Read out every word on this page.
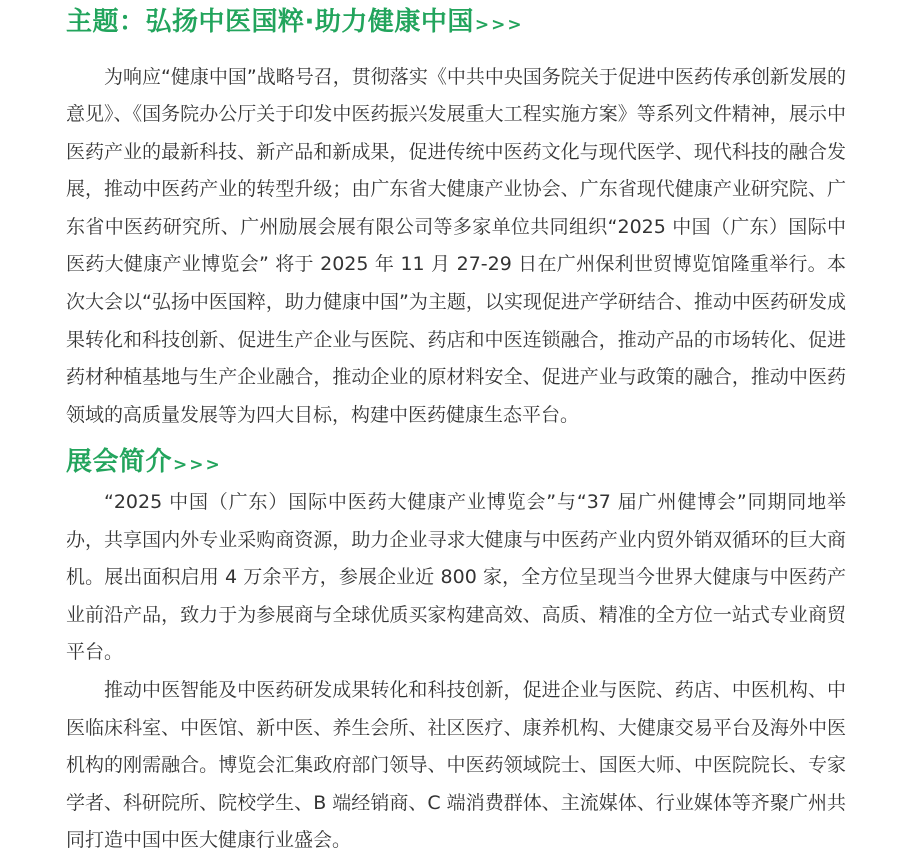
主题：弘扬中医国粹·助力健康中国>>>

为响应“健康中国”战略号召，贯彻落实《中共中央国务院关于促进中医药传承创新发展的意见》、《国务院办公厅关于印发中医药振兴发展重大工程实施方案》等系列文件精神，展示中医药产业的最新科技、新产品和新成果，促进传统中医药文化与现代医学、现代科技的融合发展，推动中医药产业的转型升级；由广东省大健康产业协会、广东省现代健康产业研究院、广东省中医药研究所、广州励展会展有限公司等多家单位共同组织“2025 中国（广东）国际中医药大健康产业博览会” 将于 2025 年 11 月 27-29 日在广州保利世贸博览馆隆重举行。本次大会以“弘扬中医国粹，助力健康中国”为主题，以实现促进产学研结合、推动中医药研发成果转化和科技创新、促进生产企业与医院、药店和中医连锁融合，推动产品的市场转化、促进药材种植基地与生产企业融合，推动企业的原材料安全、促进产业与政策的融合，推动中医药领域的高质量发展等为四大目标，构建中医药健康生态平台。

展会简介>>>

“2025 中国（广东）国际中医药大健康产业博览会”与“37 届广州健博会”同期同地举办，共享国内外专业采购商资源，助力企业寻求大健康与中医药产业内贸外销双循环的巨大商机。展出面积启用 4 万余平方，参展企业近 800 家，全方位呈现当今世界大健康与中医药产业前沿产品，致力于为参展商与全球优质买家构建高效、高质、精准的全方位一站式专业商贸平台。

推动中医智能及中医药研发成果转化和科技创新，促进企业与医院、药店、中医机构、中医临床科室、中医馆、新中医、养生会所、社区医疗、康养机构、大健康交易平台及海外中医机构的刚需融合。博览会汇集政府部门领导、中医药领域院士、国医大师、中医院院长、专家学者、科研院所、院校学生、B 端经销商、C 端消费群体、主流媒体、行业媒体等齐聚广州共同打造中国中医大健康行业盛会。
